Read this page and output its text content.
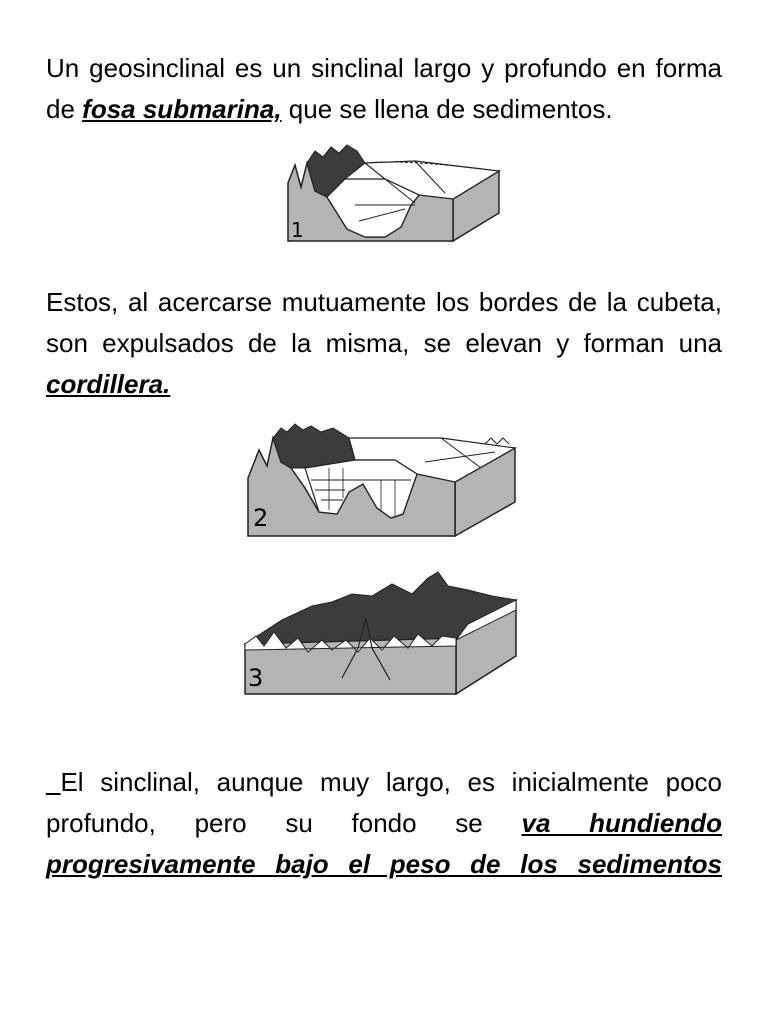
Un geosinclinal es un sinclinal largo y profundo en forma de fosa submarina, que se llena de sedimentos.

1

Estos, al acercarse mutuamente los bordes de la cubeta, son expulsados de la misma, se elevan y forman una cordillera.

2
3

_El sinclinal, aunque muy largo, es inicialmente poco profundo, pero su fondo se va hundiendo progresivamente bajo el peso de los sedimentos
